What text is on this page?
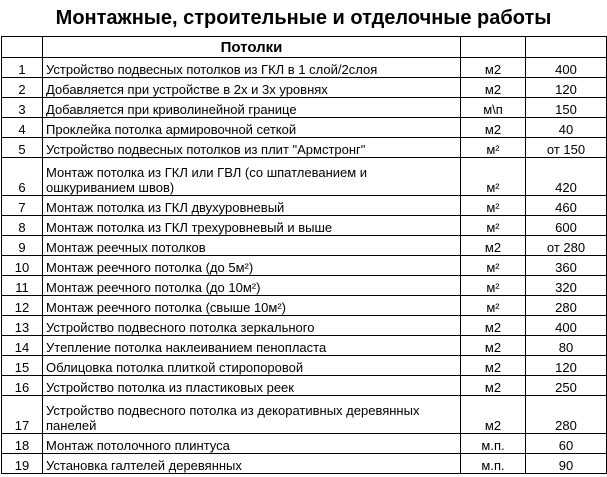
Монтажные, строительные и отделочные работы
	Потолки		
1	Устройство подвесных потолков из ГКЛ в 1 слой/2слоя	м2	400
2	Добавляется при устройстве в 2х и 3х уровнях	м2	120
3	Добавляется при криволинейной границе	м\п	150
4	Проклейка потолка армировочной сеткой	м2	40
5	Устройство подвесных потолков из плит "Армстронг"	м²	от 150
6	Монтаж потолка из ГКЛ или ГВЛ (со шпатлеванием и ошкуриванием швов)	м²	420
7	Монтаж потолка из ГКЛ двухуровневый	м²	460
8	Монтаж потолка из ГКЛ трехуровневый и выше	м²	600
9	Монтаж реечных потолков	м2	от 280
10	Монтаж реечного потолка (до 5м²)	м²	360
11	Монтаж реечного потолка (до 10м²)	м²	320
12	Монтаж реечного потолка (свыше 10м²)	м²	280
13	Устройство подвесного потолка зеркального	м2	400
14	Утепление потолка наклеиванием пенопласта	м2	80
15	Облицовка потолка плиткой стиропоровой	м2	120
16	Устройство потолка из пластиковых реек	м2	250
17	Устройство подвесного потолка из декоративных деревянных панелей	м2	280
18	Монтаж потолочного плинтуса	м.п.	60
19	Установка галтелей деревянных	м.п.	90
